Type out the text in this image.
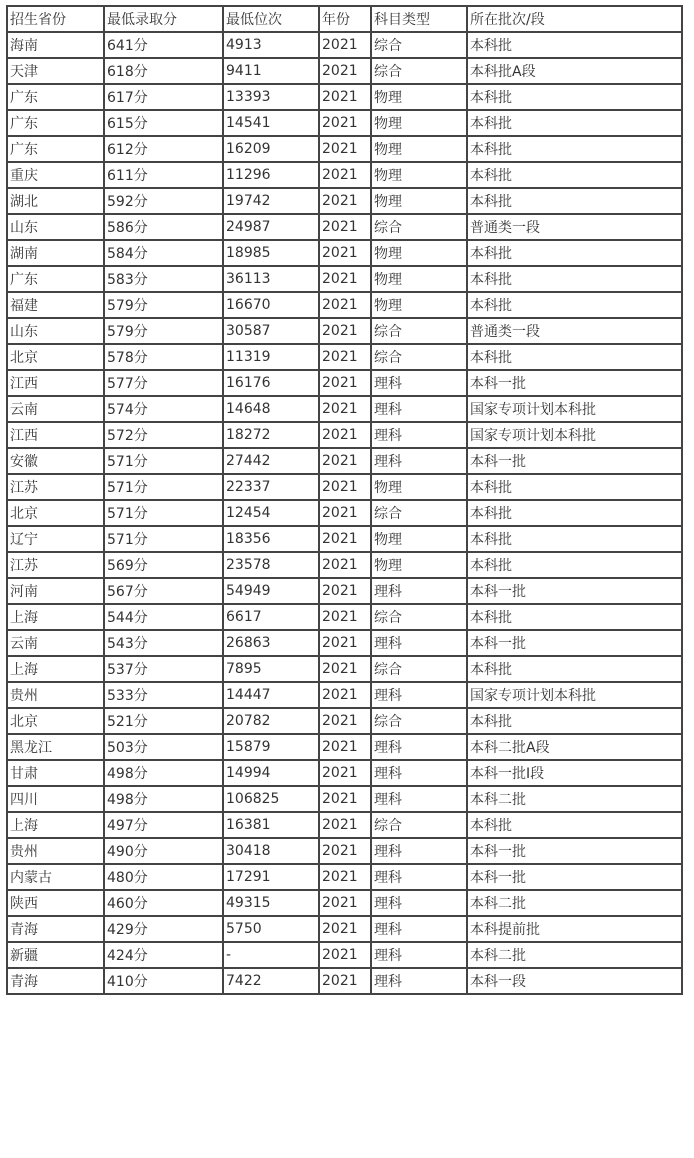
招生省份	最低录取分	最低位次	年份	科目类型	所在批次/段
海南	641分	4913	2021	综合	本科批
天津	618分	9411	2021	综合	本科批A段
广东	617分	13393	2021	物理	本科批
广东	615分	14541	2021	物理	本科批
广东	612分	16209	2021	物理	本科批
重庆	611分	11296	2021	物理	本科批
湖北	592分	19742	2021	物理	本科批
山东	586分	24987	2021	综合	普通类一段
湖南	584分	18985	2021	物理	本科批
广东	583分	36113	2021	物理	本科批
福建	579分	16670	2021	物理	本科批
山东	579分	30587	2021	综合	普通类一段
北京	578分	11319	2021	综合	本科批
江西	577分	16176	2021	理科	本科一批
云南	574分	14648	2021	理科	国家专项计划本科批
江西	572分	18272	2021	理科	国家专项计划本科批
安徽	571分	27442	2021	理科	本科一批
江苏	571分	22337	2021	物理	本科批
北京	571分	12454	2021	综合	本科批
辽宁	571分	18356	2021	物理	本科批
江苏	569分	23578	2021	物理	本科批
河南	567分	54949	2021	理科	本科一批
上海	544分	6617	2021	综合	本科批
云南	543分	26863	2021	理科	本科一批
上海	537分	7895	2021	综合	本科批
贵州	533分	14447	2021	理科	国家专项计划本科批
北京	521分	20782	2021	综合	本科批
黑龙江	503分	15879	2021	理科	本科二批A段
甘肃	498分	14994	2021	理科	本科一批I段
四川	498分	106825	2021	理科	本科二批
上海	497分	16381	2021	综合	本科批
贵州	490分	30418	2021	理科	本科一批
内蒙古	480分	17291	2021	理科	本科一批
陕西	460分	49315	2021	理科	本科二批
青海	429分	5750	2021	理科	本科提前批
新疆	424分	-	2021	理科	本科二批
青海	410分	7422	2021	理科	本科一段
